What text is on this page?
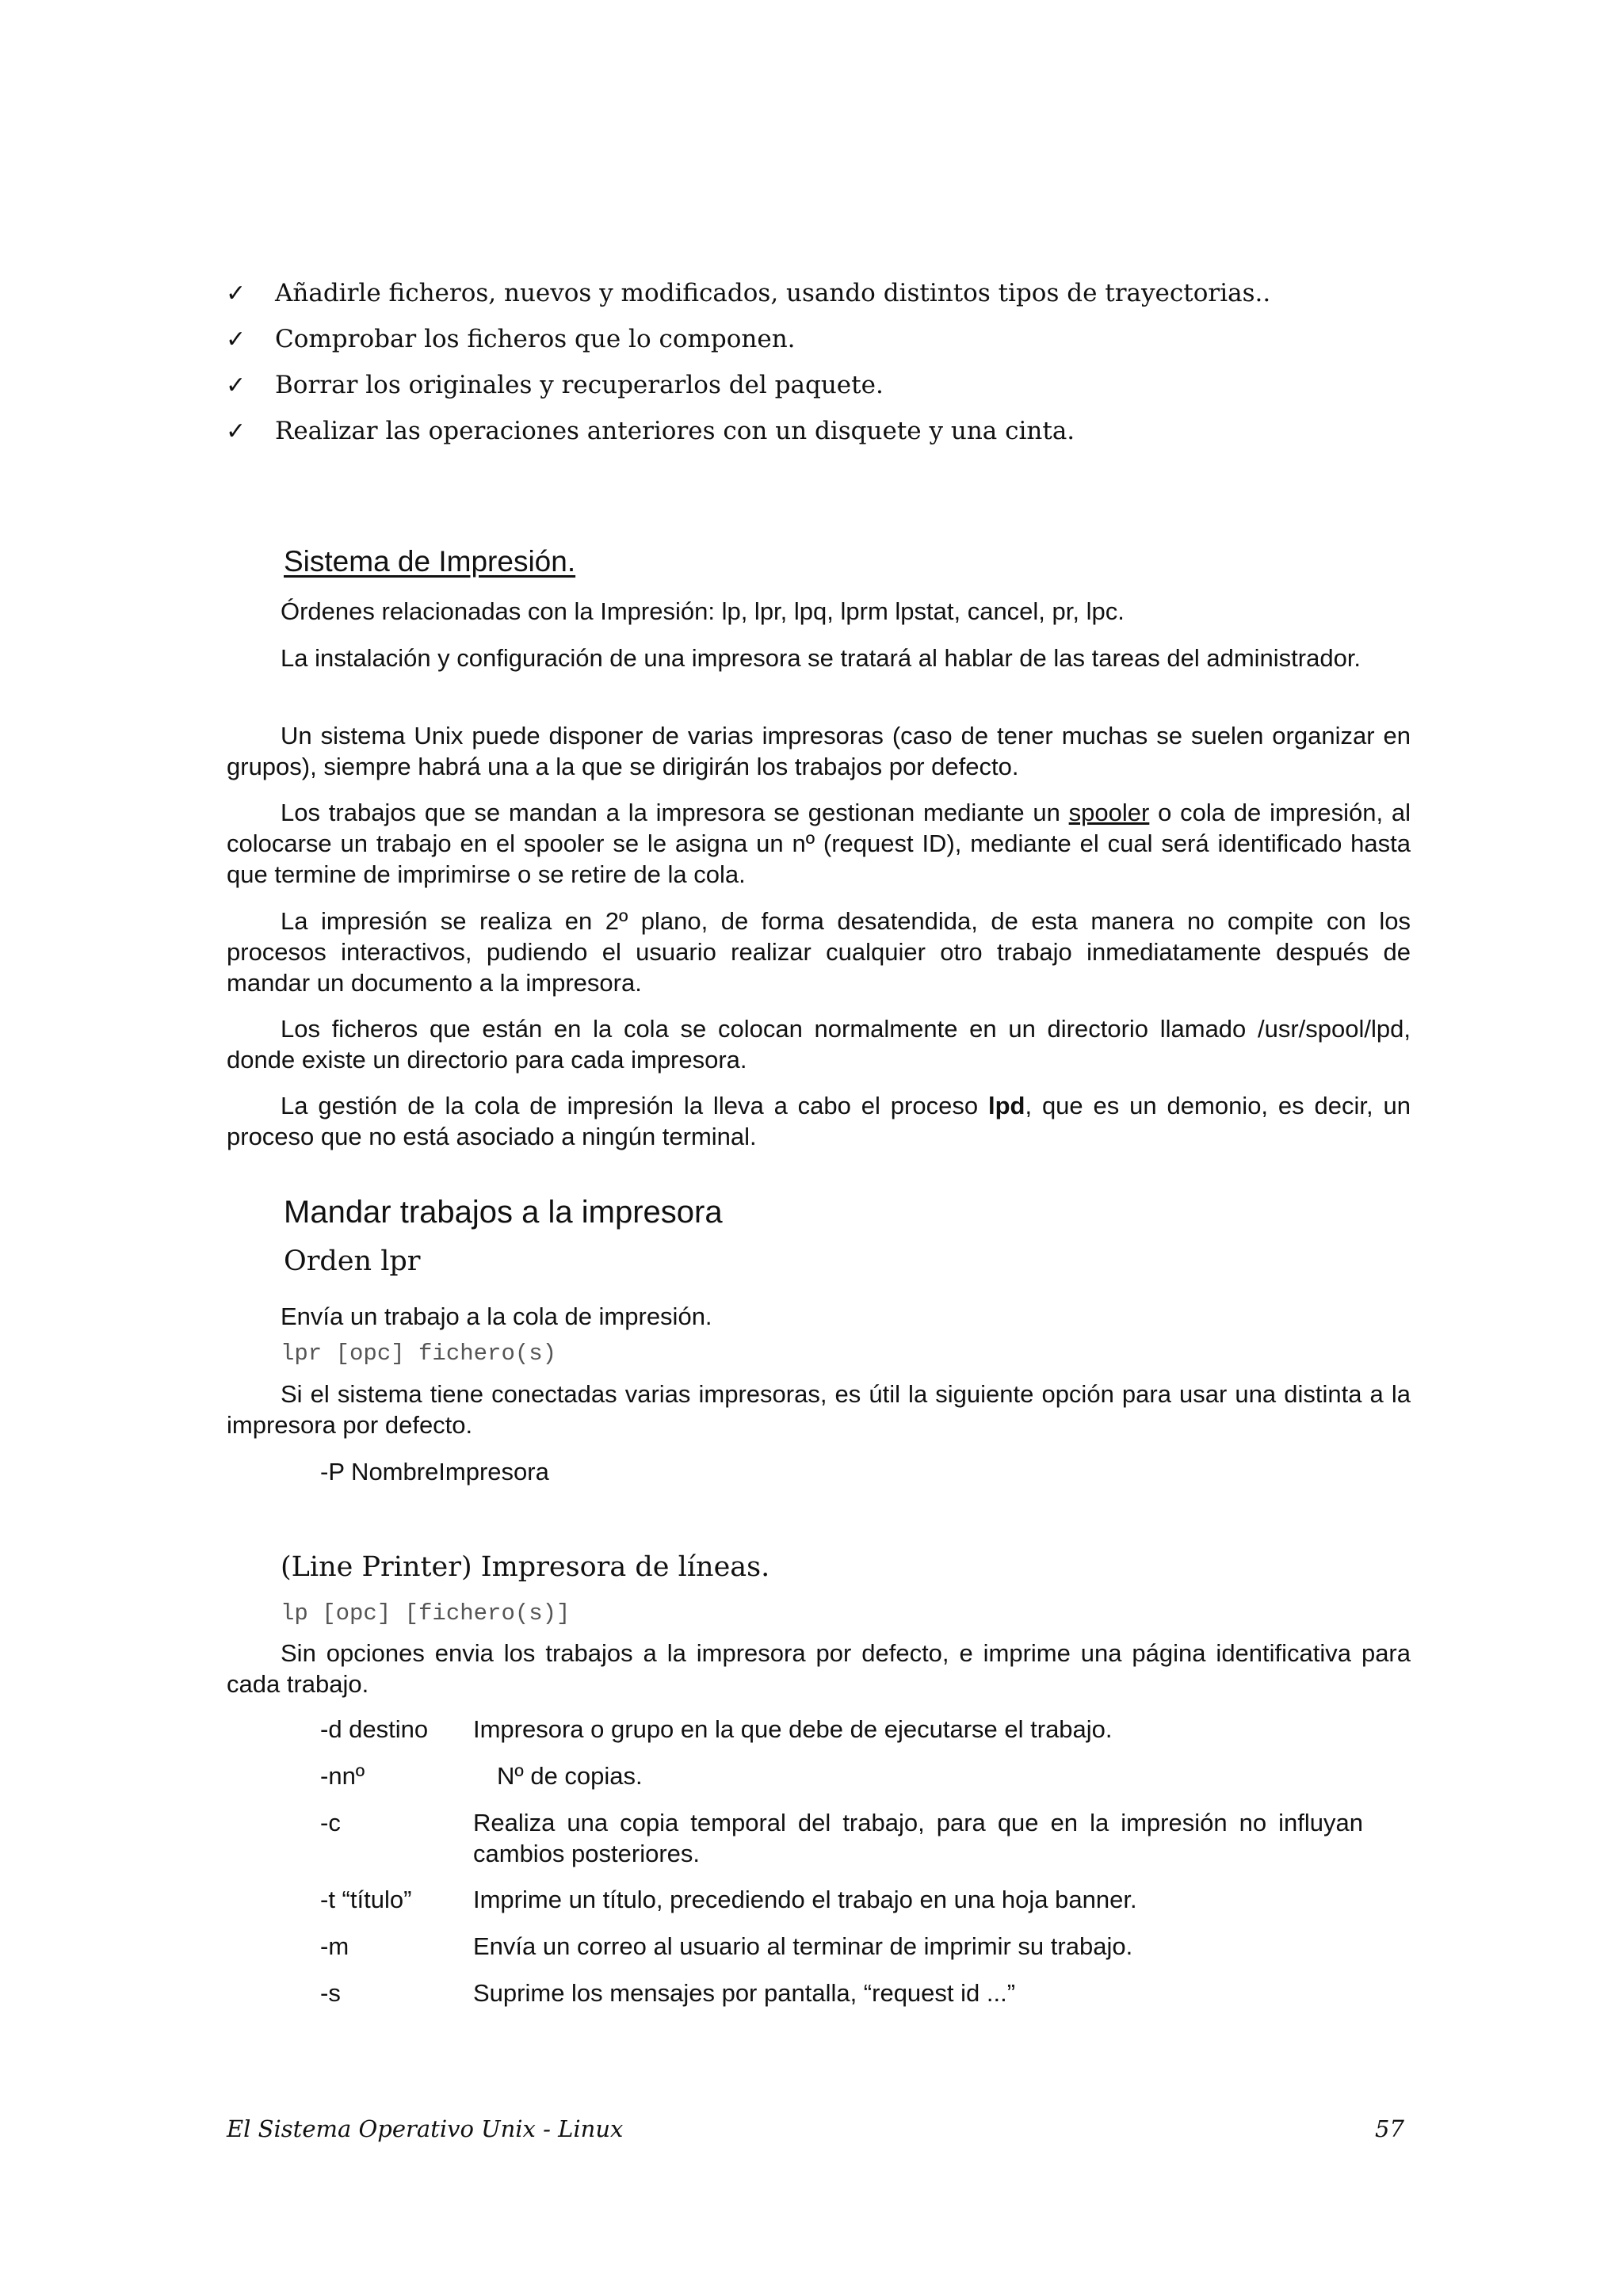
✓	Añadirle ficheros, nuevos y modificados, usando distintos tipos de trayectorias..
✓	Comprobar los ficheros que lo componen.
✓	Borrar los originales y recuperarlos del paquete.
✓	Realizar las operaciones anteriores con un disquete y una cinta.
Sistema de Impresión.

Órdenes relacionadas con la Impresión: lp, lpr, lpq, lprm lpstat, cancel, pr, lpc.

La instalación y configuración de una impresora se tratará al hablar de las tareas del administrador.

Un sistema Unix puede disponer de varias impresoras (caso de tener muchas se suelen organizar en grupos), siempre habrá una a la que se dirigirán los trabajos por defecto.

Los trabajos que se mandan a la impresora se gestionan mediante un spooler o cola de impresión, al colocarse un trabajo en el spooler se le asigna un nº (request ID), mediante el cual será identificado hasta que termine de imprimirse o se retire de la cola.

La impresión se realiza en 2º plano, de forma desatendida, de esta manera no compite con los procesos interactivos, pudiendo el usuario realizar cualquier otro trabajo inmediatamente después de mandar un documento a la impresora.

Los ficheros que están en la cola se colocan normalmente en un directorio llamado /usr/spool/lpd, donde existe un directorio para cada impresora.

La gestión de la cola de impresión la lleva a cabo el proceso lpd, que es un demonio, es decir, un proceso que no está asociado a ningún terminal.

Mandar trabajos a la impresora
Orden lpr
Envía un trabajo a la cola de impresión.
lpr [opc] fichero(s)

Si el sistema tiene conectadas varias impresoras, es útil la siguiente opción para usar una distinta a la impresora por defecto.

-P NombreImpresora
(Line Printer) Impresora de líneas.
lp [opc] [fichero(s)]

Sin opciones envia los trabajos a la impresora por defecto, e imprime una página identificativa para cada trabajo.

-d destino	Impresora o grupo en la que debe de ejecutarse el trabajo.
-nnº	Nº de copias.
-c	Realiza una copia temporal del trabajo, para que en la impresión no influyan cambios posteriores.
-t “título”	Imprime un título, precediendo el trabajo en una hoja banner.
-m	Envía un correo al usuario al terminar de imprimir su trabajo.
-s	Suprime los mensajes por pantalla, “request id ...”
El Sistema Operativo Unix - Linux	57
